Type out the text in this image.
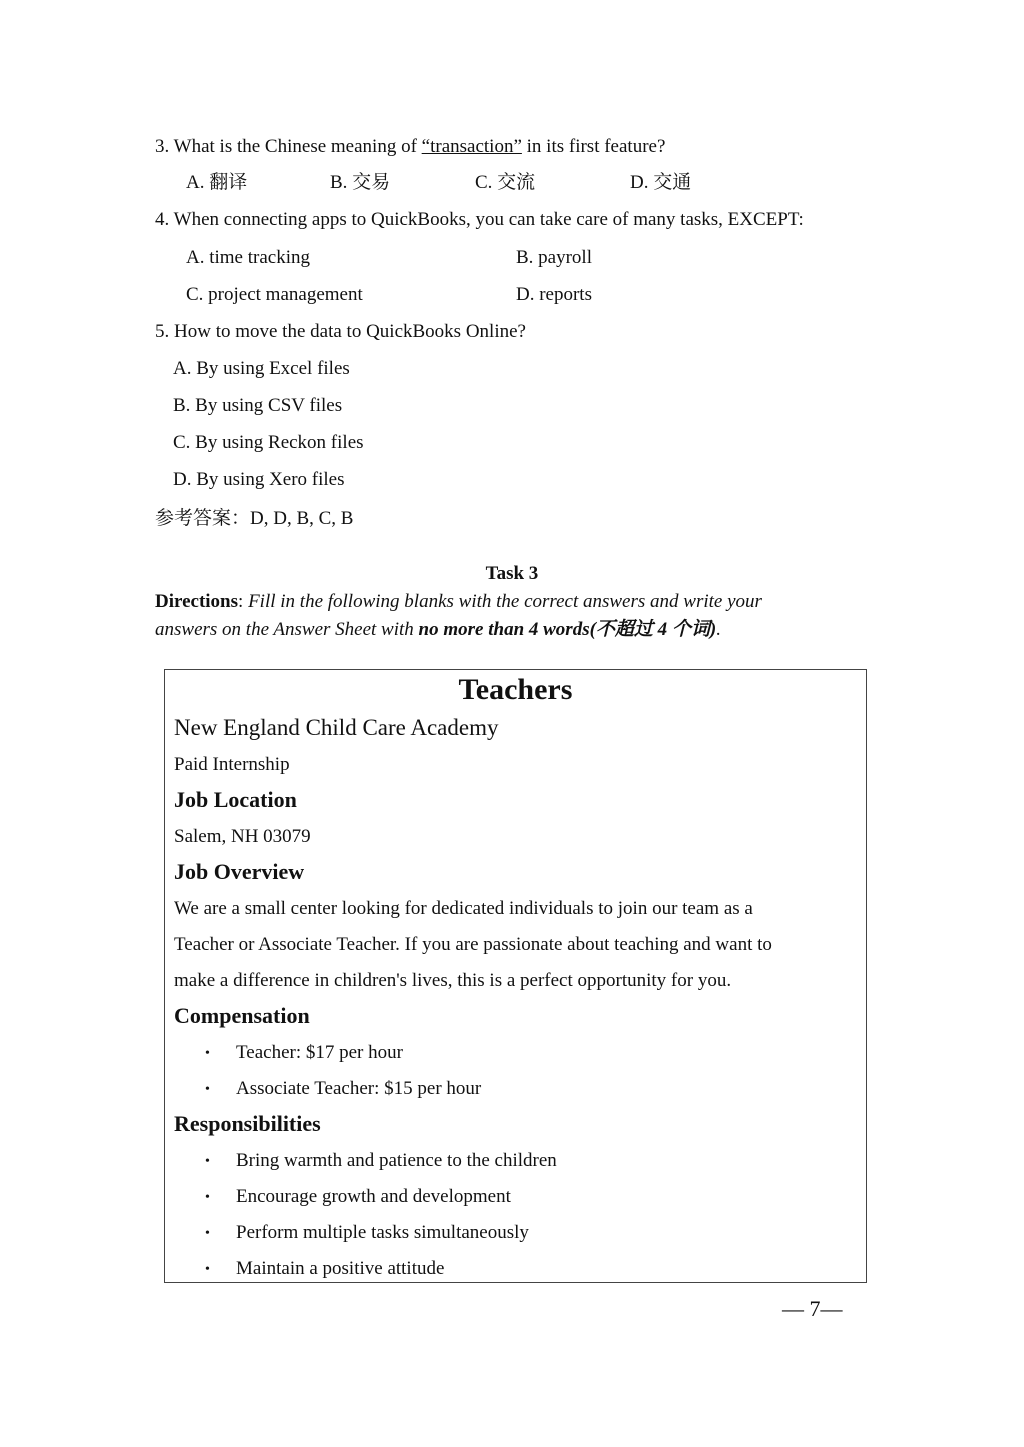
3. What is the Chinese meaning of “transaction” in its first feature?
A. 翻译	B. 交易	C. 交流	D. 交通
4. When connecting apps to QuickBooks, you can take care of many tasks, EXCEPT:
A. time tracking	B. payroll
C. project management	D. reports
5. How to move the data to QuickBooks Online?
A. By using Excel files
B. By using CSV files
C. By using Reckon files
D. By using Xero files
参考答案：D, D, B, C, B
Task 3
Directions: Fill in the following blanks with the correct answers and write your
answers on the Answer Sheet with no more than 4 words(不超过 4 个词).
Teachers
New England Child Care Academy
Paid Internship
Job Location
Salem, NH 03079
Job Overview
We are a small center looking for dedicated individuals to join our team as a
Teacher or Associate Teacher. If you are passionate about teaching and want to
make a difference in children's lives, this is a perfect opportunity for you.
Compensation
• Teacher: $17 per hour
• Associate Teacher: $15 per hour
Responsibilities
• Bring warmth and patience to the children
• Encourage growth and development
• Perform multiple tasks simultaneously
• Maintain a positive attitude
— 7—
